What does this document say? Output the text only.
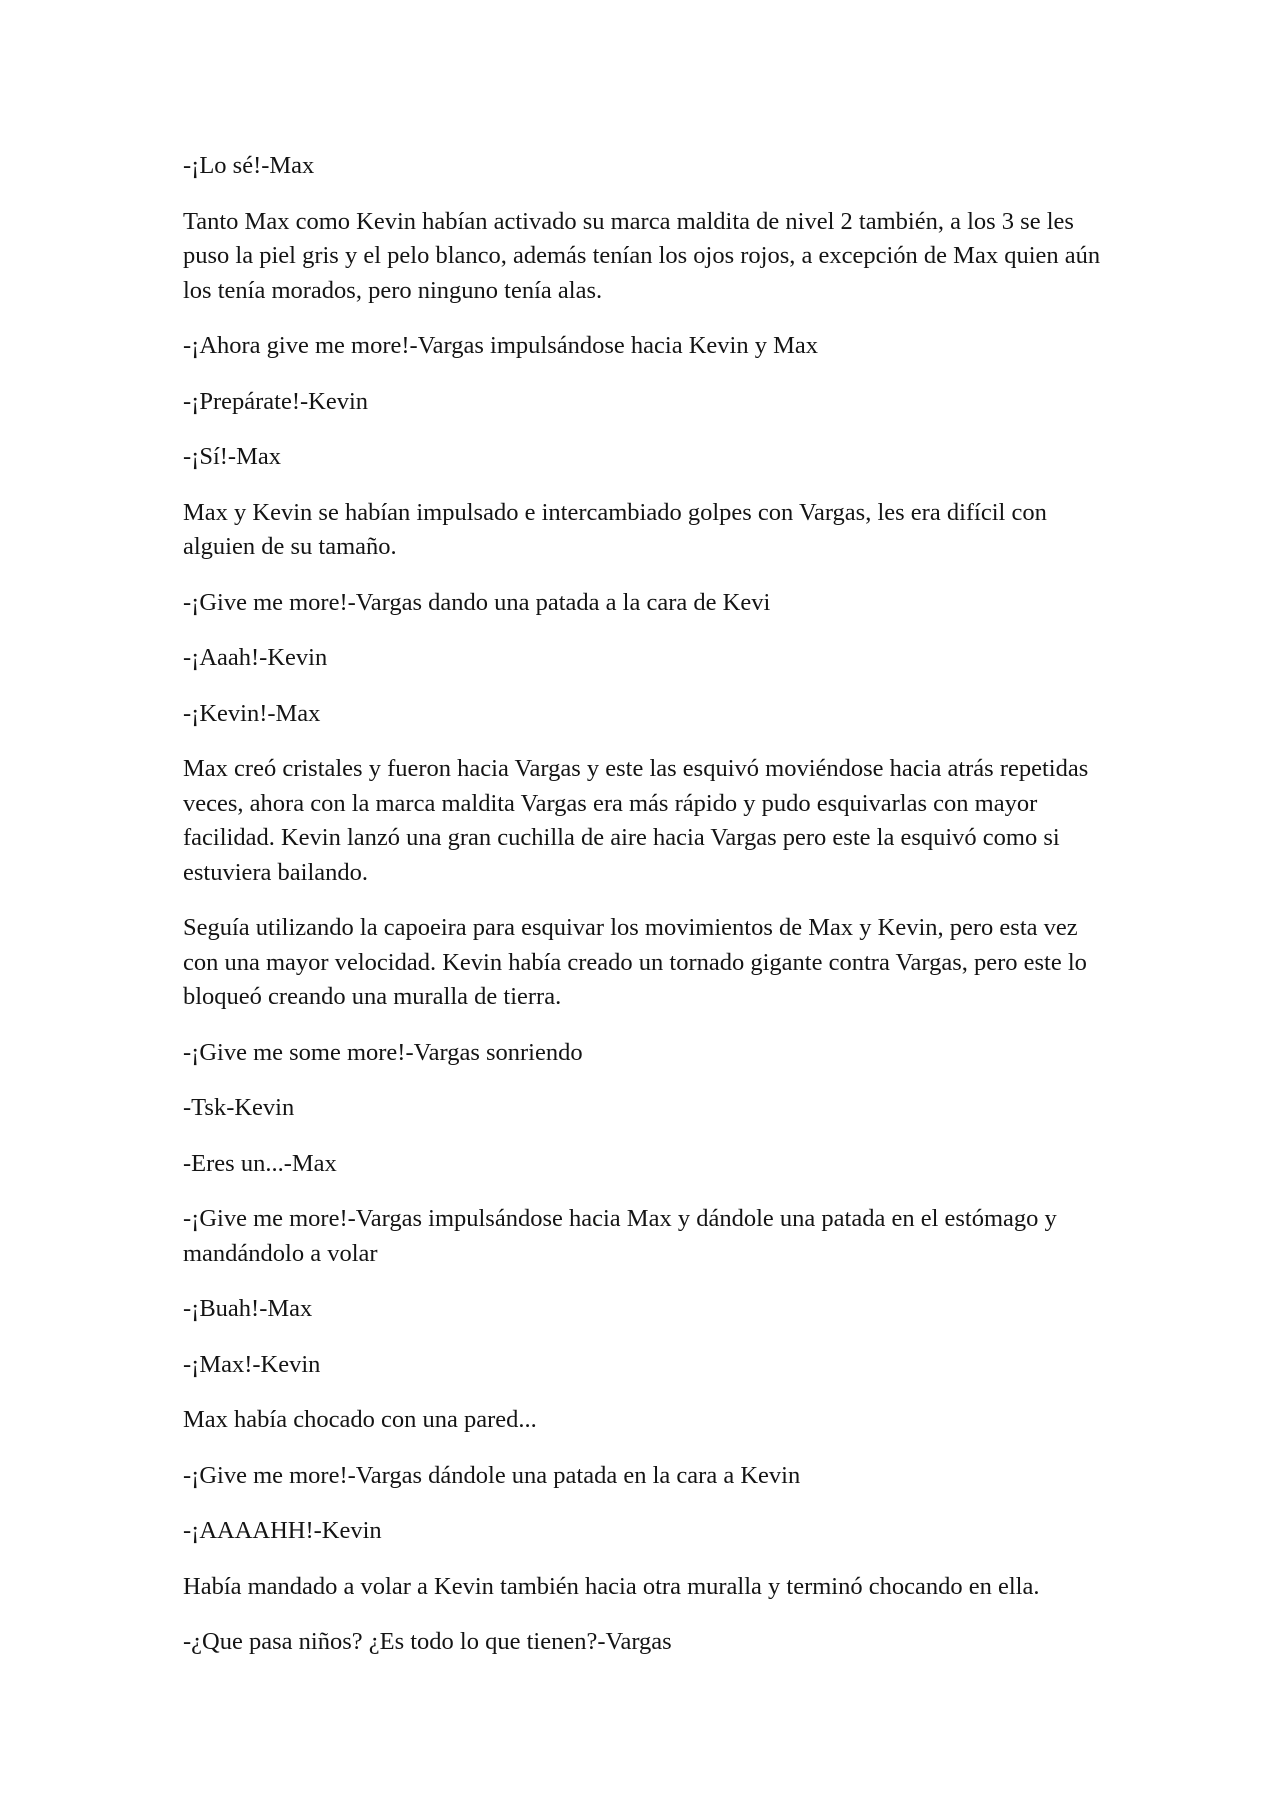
-¡Lo sé!-Max

Tanto Max como Kevin habían activado su marca maldita de nivel 2 también, a los 3 se les puso la piel gris y el pelo blanco, además tenían los ojos rojos, a excepción de Max quien aún los tenía morados, pero ninguno tenía alas.

-¡Ahora give me more!-Vargas impulsándose hacia Kevin y Max

-¡Prepárate!-Kevin

-¡Sí!-Max

Max y Kevin se habían impulsado e intercambiado golpes con Vargas, les era difícil con alguien de su tamaño.

-¡Give me more!-Vargas dando una patada a la cara de Kevi

-¡Aaah!-Kevin

-¡Kevin!-Max

Max creó cristales y fueron hacia Vargas y este las esquivó moviéndose hacia atrás repetidas veces, ahora con la marca maldita Vargas era más rápido y pudo esquivarlas con mayor facilidad. Kevin lanzó una gran cuchilla de aire hacia Vargas pero este la esquivó como si estuviera bailando.

Seguía utilizando la capoeira para esquivar los movimientos de Max y Kevin, pero esta vez con una mayor velocidad. Kevin había creado un tornado gigante contra Vargas, pero este lo bloqueó creando una muralla de tierra.

-¡Give me some more!-Vargas sonriendo

-Tsk-Kevin

-Eres un...-Max

-¡Give me more!-Vargas impulsándose hacia Max y dándole una patada en el estómago y mandándolo a volar

-¡Buah!-Max

-¡Max!-Kevin

Max había chocado con una pared...

-¡Give me more!-Vargas dándole una patada en la cara a Kevin

-¡AAAAHH!-Kevin

Había mandado a volar a Kevin también hacia otra muralla y terminó chocando en ella.

-¿Que pasa niños? ¿Es todo lo que tienen?-Vargas
